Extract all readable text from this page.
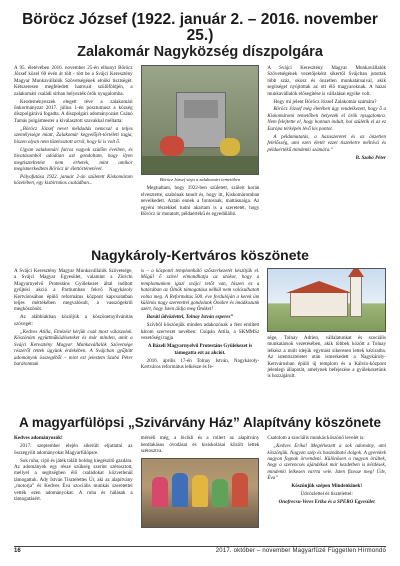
Böröcz József (1922. január 2. – 2016. november 25.)
Zalakomár Nagyközség díszpolgára

A 95. életévében 2016. november 25-én elhunyt Böröcz József közel 60 évén át tölt - tött be a Svájci Keresztény Magyar Munkavállalók Szövetségének elnöki tisztségét. Kétszeresen megfeledett hamvait szülőföldjén, a zalakomári családi sírban helyezték örök nyugalomba.

Kezdeményezzek elegett téve a zalakomári önkormányzat 2017. július 1-én posztumusz a község díszpolgárává fogadta. A díszpolgári adományozást Csánó Tamás polgármester a kiválasztott szavakkal méltatta:

„Böröcz József nevet méldadás nemcsal a teljes személyisége miatt, Zalakomár kegyelőjét-törtéleti tagja, hiszen olyan nem tüzelosztott arról, hogy ki is volt ő.

Ugyan zalakomári falcos vagyok szülőm éveiben, és hivatásomból adódóan azt gondoltam, hogy ilyen megtiszteltetést nem érhetek, mint amikor megismerkedtem Böröcz úr élettörténetével.

Pályafutása 1922. január 2-án született Kiskomárom közelében, egy kisbirtokos családban...

Böröcz József sírja a zalakomári temetőben

Megtudtam, hogy 1922-ben született, szüleit korán elvesztette, szabónak tanult és, hogy itt, Kiskomáromban nevelkedett. Aztán ennek a fontosnak, mattásnaiga. Az egyéni részekkel tudni akartam is a szeretetét, hogy Böröcz úr mutatott, példaértékű és egyedülálló.

A Svájci Keresztény Magyar Munkavállalók Szövetségének vezetőjeként sikertől Svájcban jutottak több száz, okosz és önzetlen munkatársaival, akik segítséget nyújtottak az ott élő magyaroknak. A hazai munkavállalók elősegítése is vállalásai egyike volt.

Hogy mi jelent Böröcz József Zalakomár számára?

Böröcz József még életében úgy rendelkezett, hogy ő a Kiskomáromi temetőben helyezék el örök nyugalomra. Nem felejtette el, hogy honnan indult, hol születik el az ez Európa térképén lévő kis pontot.

A példamutatás, a hazaszeretet és az önzetlen felelősség, ami ezen életét ezzel tiszteletre méltóvá és példaértékű mindenki számára.”

B. Szabó Péter

Nagykároly-Kertváros köszönete

A Svájci Keresztény Magyar Munkavállalók Szövetsége, a Svájci Magyar Egyesület, valamint a Zürichi Magyarnyelvű Protestáns Gyülekezet által indított gyűjtési akció a Partiumban fekvő Nagykároly Kertvárosában épülő református központ kapcsolatban teljes mértékében megvalósult, a vasszögekről megköszönöt.

Az alábbiakban közöljük a köszönetnyilvánítás szövegét:

„Kedves Atilla, Elnézést kérjük csak most válaszolok. Köszönöm együttműködéseteket és már minden, amit a Svájci Keresztény Magyar Munkavállalók Szövetsége részéről tettek ügyünk érdekében. A Svájcban gyűjtött adományok összegéből – mint ezt jeleztem Szabó Péter barátomnak

is – a központi templomháló szőszerkezetét készítjük el. Mögül ő szível elmondhatja az utókor, hogy a templomunkon igazi svájci tetőt van, hiszen ez a határában az Ölnök támogatása nélkül nem valósulhatott volna meg. A Református 500. éve fordulóján a kerek üm különös nagy szeretettel gondolunk Önökre és imádkozunk azért, hogy Isten áldja meg Önöket!

Baráti üdvözlettel, Tolnay István esperes”

Szívből köszönjük minden adakozónak a fent említett három szervezet nevében: Csúpán Attila, a SKMMSz vezetőségi tagja

A Bázeli Magyarnyelvű Protestáns Gyülekezet is támogatta ezt az akciót.

2016. április 17-én Tolnay István, Nagykároly-Kertváros református lelkésze és fe-

sége, Tolnay Adrien, vállalatunkat és szociális munkatársok vezetésében, akik többek között a Tolnay lelkész a múlt idejük egymást sikeresen lettek kéziratba. Az istentiszteletet után ismerkedett a Nagykároly-Kertvárosban épülő új templom és a Kálvin-központ jelenlegi állapotát, amelynek befejezése a gyülekezetünk is hozzájárult.

A magyarfülöpsi „Szivárvány Ház” Alapítvány köszönete

Kedves adományozók!

2017. szeptember elején sikerült eljuttatni az összegyűlt adományokat Magyarfülöpsre.

Sok ruha, cipő és játék talált boldog kiegészítő gazdára. Az adományok egy része szükség szerint szétosztott, mellyel a segítségben élő családokat közvetlenül támogattuk. Ady István Tisztelettes Úr, aki az alapítvány „motorja” és Kedves Éva szociális munkás szeretettel vették ezen adományokat. A ruha és hálásak a támogatásért.

mérséli még, a bicikli és a rollert az alapítvány bentlakásos óvodásai és kisiskolásai közölt lettek szétosztva.

Csatolom a szociális munkás köszönő levelét is:

„Kedves Erika! Megérkezett a sok adomány, ami köszönjük. Nagyon szép és hasznáható dolgok. A gyerekek nagyon fognak örvendeni. Különösen a nagyon örültek, hogy a szerencsés ajándékok már kezdetben is kérdések, mindenki lelkesen varrta vele. Isten fizesse meg! Üdv, Éva”

Köszönjük szépen Mindenkinek!

Üdvözlettel és tisztelettel:

Onofrecsu-Veres Erika és a SPERO Egyesület

16	2017. október – november Magyarfüzé Független Hírmondó
